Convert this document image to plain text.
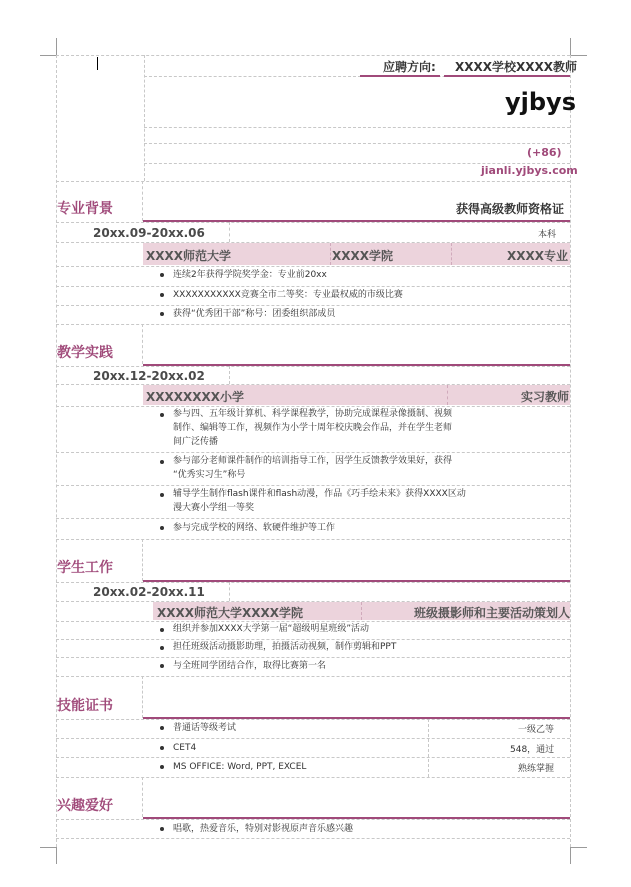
应聘方向: XXXX学校XXXX教师
yjbys
(+86)
jianli.yjbys.com
专业背景	获得高级教师资格证
20xx.09-20xx.06	本科
XXXX师范大学	XXXX学院	XXXX专业
连续2年获得学院奖学金：专业前20xx
XXXXXXXXXXX竞赛全市二等奖：专业最权威的市级比赛
获得“优秀团干部”称号：团委组织部成员
教学实践
20xx.12-20xx.02
XXXXXXXX小学	实习教师
参与四、五年级计算机、科学课程教学，协助完成课程录像摄制、视频
制作、编辑等工作，视频作为小学十周年校庆晚会作品，并在学生老师
间广泛传播
参与部分老师课件制作的培训指导工作，因学生反馈教学效果好，获得
“优秀实习生”称号
辅导学生制作flash课件和flash动漫，作品《巧手绘未来》获得XXXX区动
漫大赛小学组一等奖
参与完成学校的网络、软硬件维护等工作
学生工作
20xx.02-20xx.11
XXXX师范大学XXXX学院	班级摄影师和主要活动策划人
组织并参加XXXX大学第一届“超级明星班级”活动
担任班级活动摄影助理，拍摄活动视频，制作剪辑和PPT
与全班同学团结合作，取得比赛第一名
技能证书
普通话等级考试	一级乙等
CET4	548，通过
MS OFFICE: Word, PPT, EXCEL	熟练掌握
兴趣爱好
唱歌，热爱音乐，特别对影视原声音乐感兴趣
